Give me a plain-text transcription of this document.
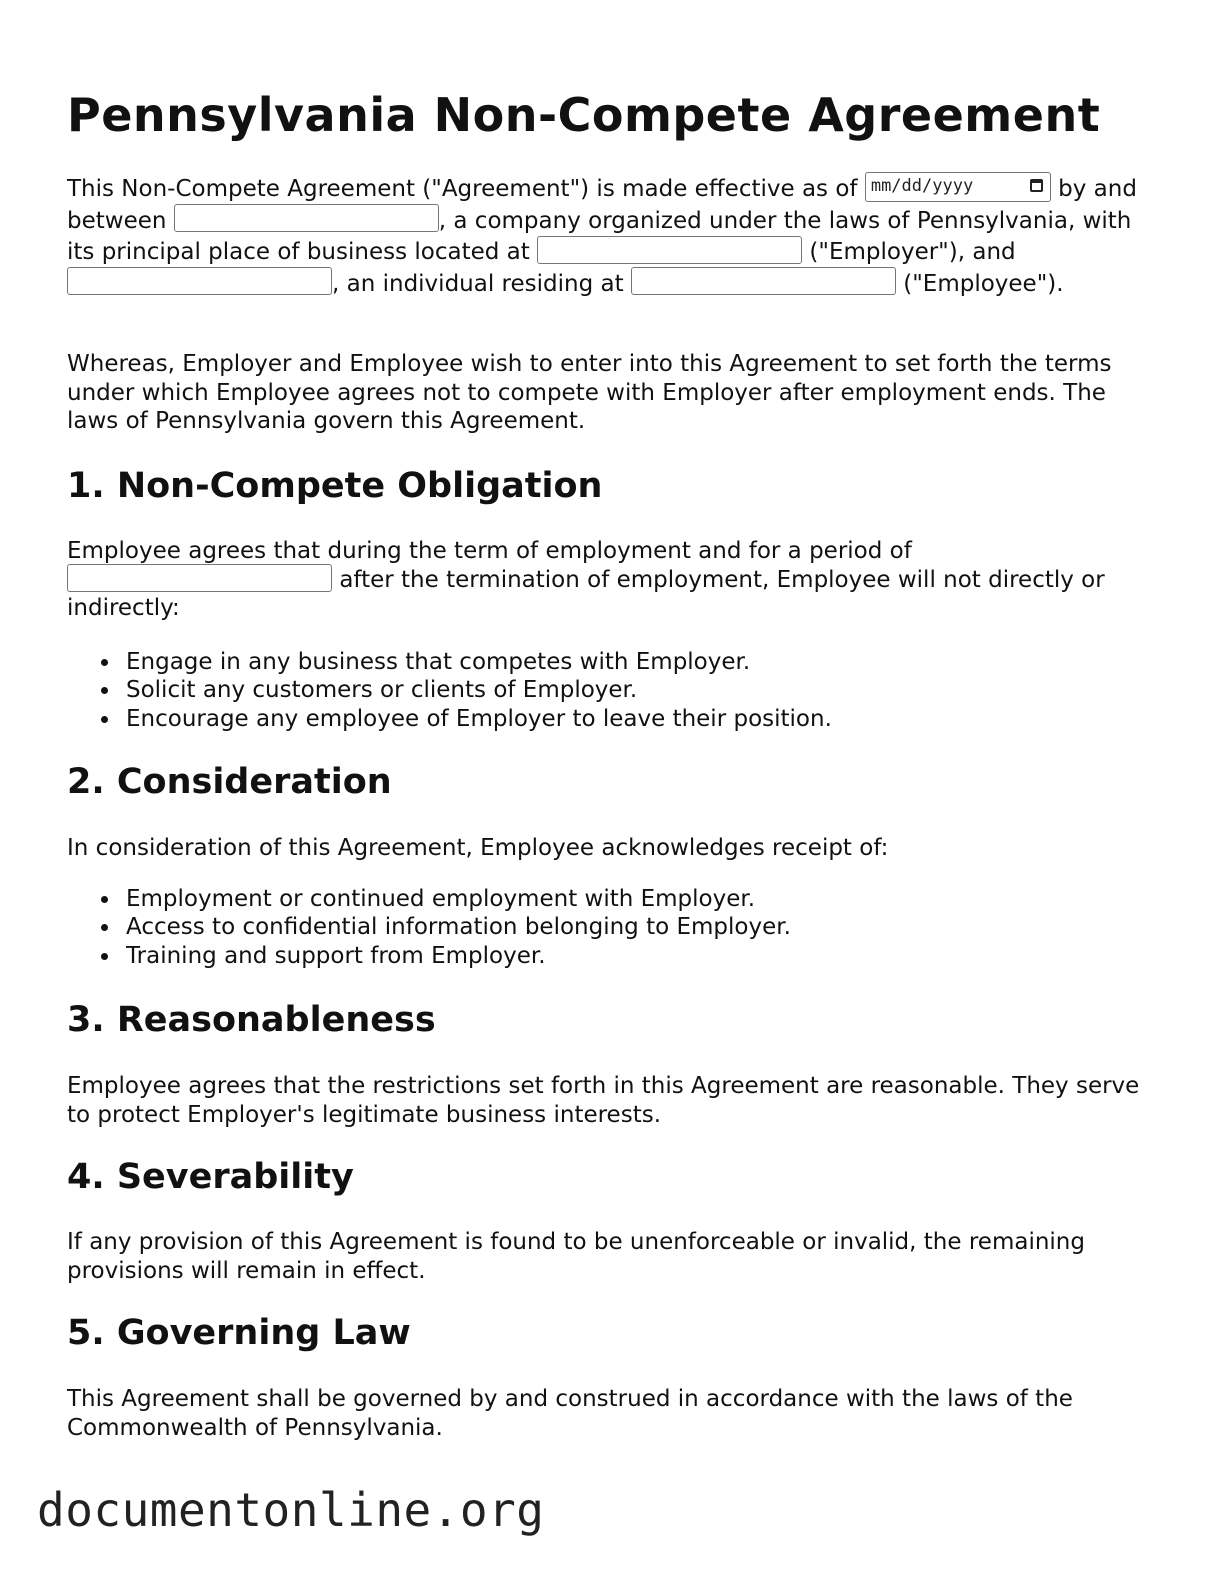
Pennsylvania Non-Compete Agreement

This Non-Compete Agreement ("Agreement") is made effective as of mm/dd/yyyy	by and between	, a company organized under the laws of Pennsylvania, with its principal place of business located at	("Employer"), and , an individual residing at	("Employee").

Whereas, Employer and Employee wish to enter into this Agreement to set forth the terms under which Employee agrees not to compete with Employer after employment ends. The laws of Pennsylvania govern this Agreement.

1. Non-Compete Obligation

Employee agrees that during the term of employment and for a period of  after the termination of employment, Employee will not directly or indirectly:

Engage in any business that competes with Employer.
Solicit any customers or clients of Employer.
Encourage any employee of Employer to leave their position.
2. Consideration

In consideration of this Agreement, Employee acknowledges receipt of:

Employment or continued employment with Employer.
Access to confidential information belonging to Employer.
Training and support from Employer.
3. Reasonableness

Employee agrees that the restrictions set forth in this Agreement are reasonable. They serve to protect Employer's legitimate business interests.

4. Severability

If any provision of this Agreement is found to be unenforceable or invalid, the remaining provisions will remain in effect.

5. Governing Law

This Agreement shall be governed by and construed in accordance with the laws of the Commonwealth of Pennsylvania.

documentonline.org
